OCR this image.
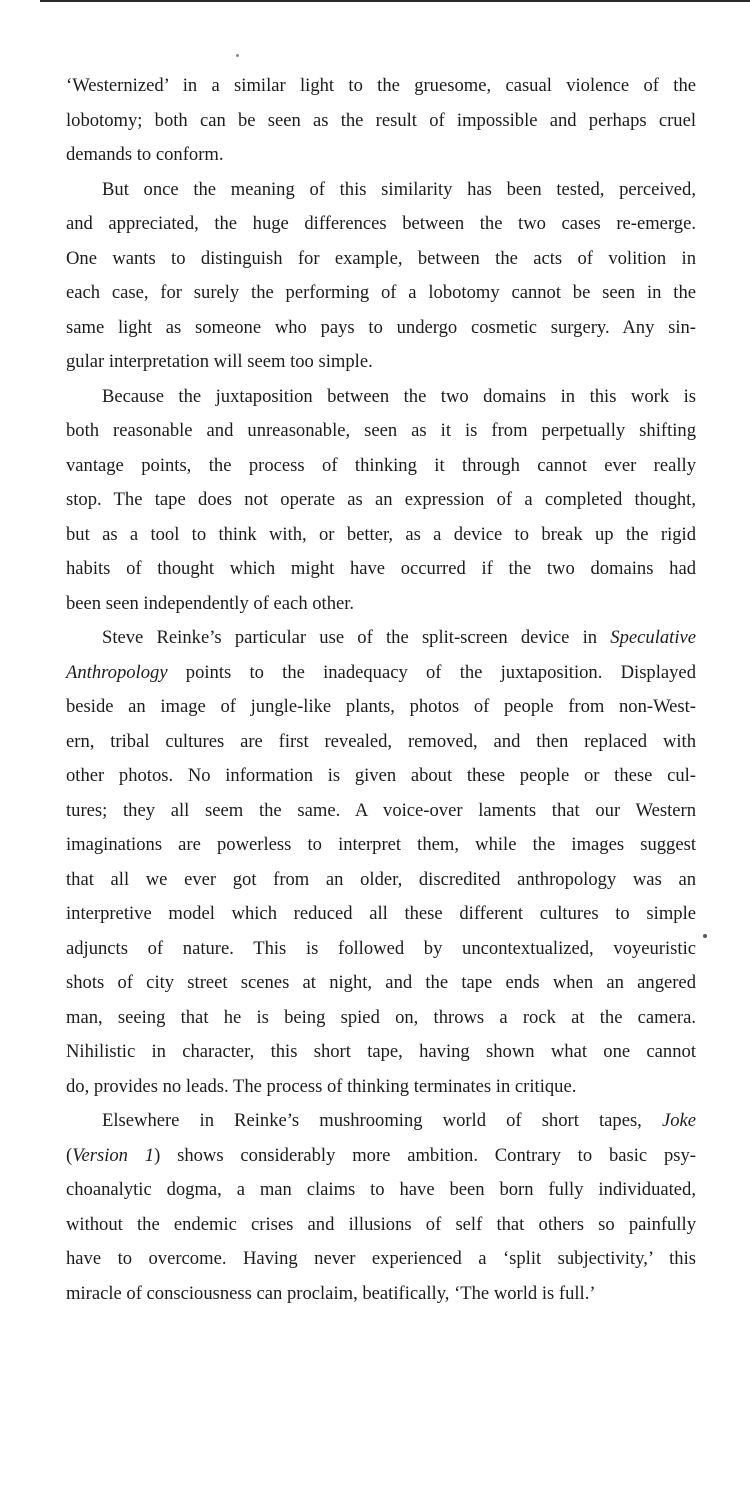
‘Westernized’ in a similar light to the gruesome, casual violence of the
lobotomy; both can be seen as the result of impossible and perhaps cruel
demands to conform.
But once the meaning of this similarity has been tested, perceived,
and appreciated, the huge differences between the two cases re-emerge.
One wants to distinguish for example, between the acts of volition in
each case, for surely the performing of a lobotomy cannot be seen in the
same light as someone who pays to undergo cosmetic surgery. Any sin-
gular interpretation will seem too simple.
Because the juxtaposition between the two domains in this work is
both reasonable and unreasonable, seen as it is from perpetually shifting
vantage points, the process of thinking it through cannot ever really
stop. The tape does not operate as an expression of a completed thought,
but as a tool to think with, or better, as a device to break up the rigid
habits of thought which might have occurred if the two domains had
been seen independently of each other.
Steve Reinke’s particular use of the split-screen device in Speculative
Anthropology points to the inadequacy of the juxtaposition. Displayed
beside an image of jungle-like plants, photos of people from non-West-
ern, tribal cultures are first revealed, removed, and then replaced with
other photos. No information is given about these people or these cul-
tures; they all seem the same. A voice-over laments that our Western
imaginations are powerless to interpret them, while the images suggest
that all we ever got from an older, discredited anthropology was an
interpretive model which reduced all these different cultures to simple
adjuncts of nature. This is followed by uncontextualized, voyeuristic
shots of city street scenes at night, and the tape ends when an angered
man, seeing that he is being spied on, throws a rock at the camera.
Nihilistic in character, this short tape, having shown what one cannot
do, provides no leads. The process of thinking terminates in critique.
Elsewhere in Reinke’s mushrooming world of short tapes, Joke
(Version 1) shows considerably more ambition. Contrary to basic psy-
choanalytic dogma, a man claims to have been born fully individuated,
without the endemic crises and illusions of self that others so painfully
have to overcome. Having never experienced a ‘split subjectivity,’ this
miracle of consciousness can proclaim, beatifically, ‘The world is full.’
